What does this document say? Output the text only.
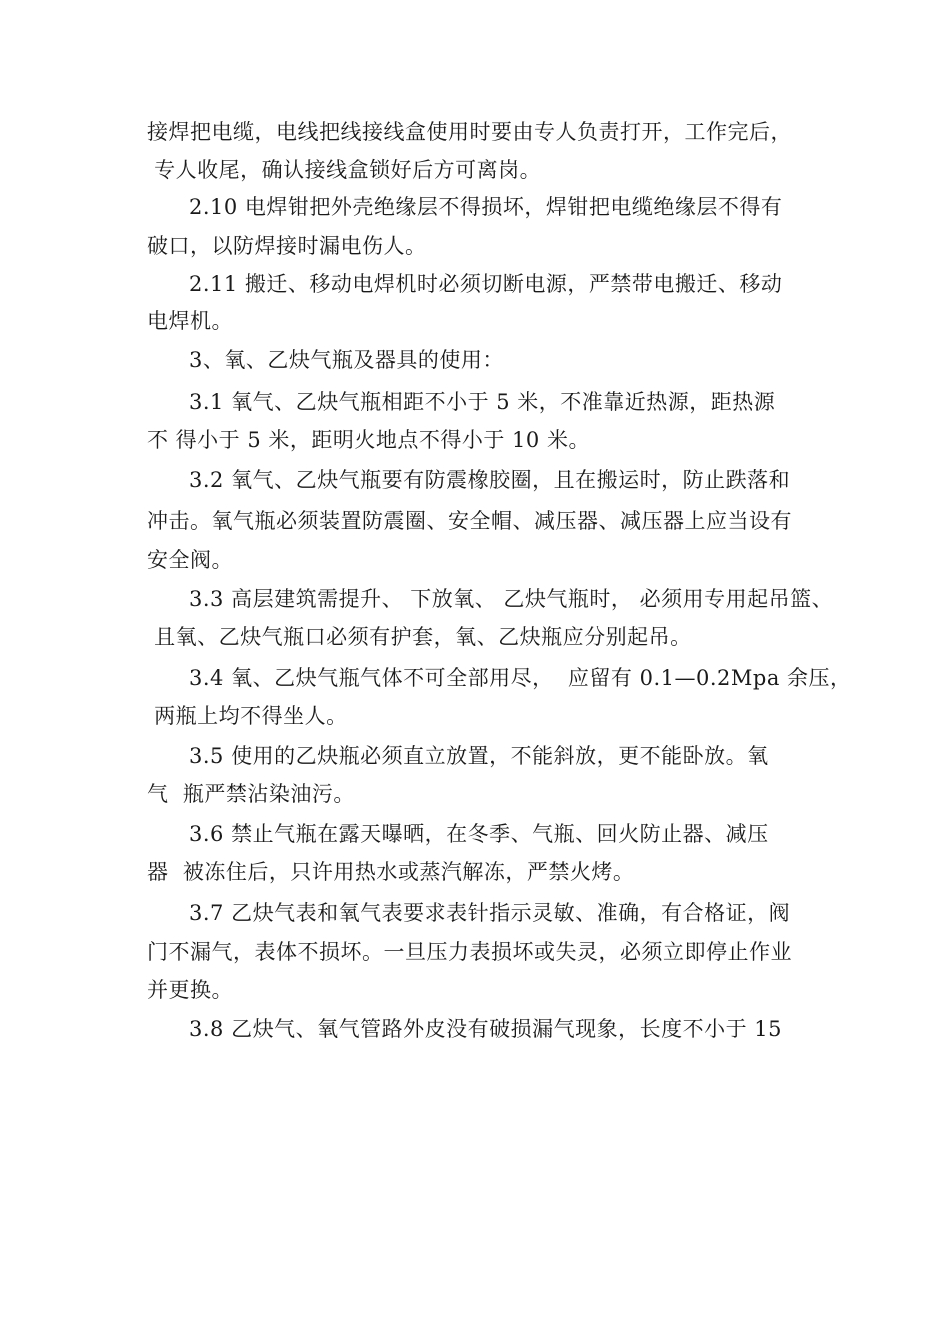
接焊把电缆，电线把线接线盒使用时要由专人负责打开，工作完后，
专人收尾，确认接线盒锁好后方可离岗。
2.10 电焊钳把外壳绝缘层不得损坏，焊钳把电缆绝缘层不得有
破口，以防焊接时漏电伤人。
2.11 搬迁、移动电焊机时必须切断电源，严禁带电搬迁、移动
电焊机。
3、氧、乙炔气瓶及器具的使用：
3.1 氧气、乙炔气瓶相距不小于 5 米，不准靠近热源，距热源
不 得小于 5 米，距明火地点不得小于 10 米。
3.2 氧气、乙炔气瓶要有防震橡胶圈，且在搬运时，防止跌落和
冲击。氧气瓶必须装置防震圈、安全帽、减压器、减压器上应当设有
安全阀。
3.3 高层建筑需提升、 下放氧、 乙炔气瓶时， 必须用专用起吊篮、
且氧、乙炔气瓶口必须有护套，氧、乙炔瓶应分别起吊。
3.4 氧、乙炔气瓶气体不可全部用尽，  应留有 0.1—0.2Mpa 余压，
两瓶上均不得坐人。
3.5 使用的乙炔瓶必须直立放置，不能斜放，更不能卧放。氧
气  瓶严禁沾染油污。
3.6 禁止气瓶在露天曝晒，在冬季、气瓶、回火防止器、减压
器  被冻住后，只许用热水或蒸汽解冻，严禁火烤。
3.7 乙炔气表和氧气表要求表针指示灵敏、准确，有合格证，阀
门不漏气，表体不损坏。一旦压力表损坏或失灵，必须立即停止作业
并更换。
3.8 乙炔气、氧气管路外皮没有破损漏气现象，长度不小于 15
